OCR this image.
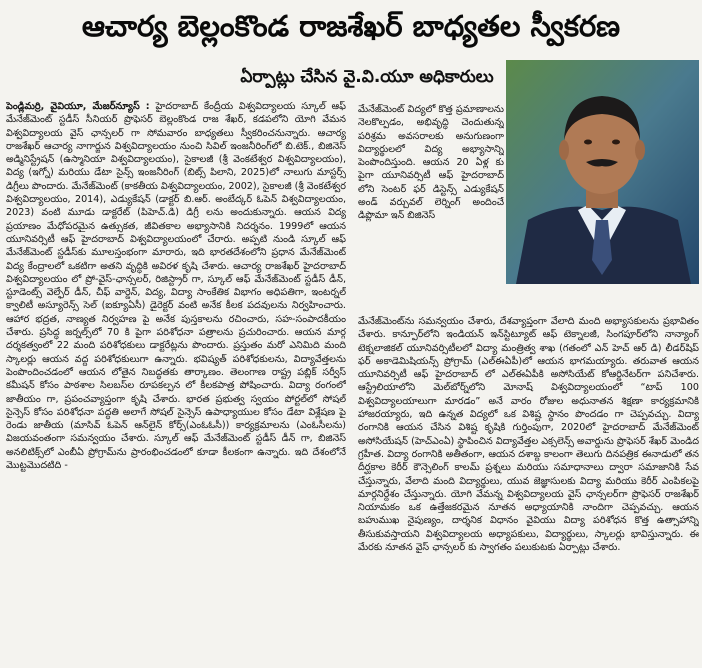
ఆచార్య బెల్లంకొండ రాజశేఖర్ బాధ్యతల స్వీకరణ
ఏర్పాట్లు చేసిన వై.వి.యూ అధికారులు

పెండ్లిమర్రి, వైవియూ, మేజర్‌న్యూస్ : హైదరాబాద్ కేంద్రీయ విశ్వవిద్యాలయ స్కూల్ ఆఫ్ మేనేజ్‌మెంట్ స్టడీస్ సీనియర్ ప్రొఫెసర్ బెల్లంకొండ రాజ శేఖర్, కడపలోని యోగి వేమన విశ్వవిద్యాలయ వైస్ ఛాన్సలర్ గా సోమవారం బాధ్యతలు స్వీకరించనున్నారు. ఆచార్య రాజశేఖర్ ఆచార్య నాగార్జున విశ్వవిద్యాలయం నుంచి సివిల్ ఇంజనీరింగ్‌లో బి.టెక్., బిజినెస్ అడ్మినిస్ట్రేషన్ (ఉస్మానియా విశ్వవిద్యాలయం), సైకాలజీ (శ్రీ వెంకటేశ్వర విశ్వవిద్యాలయం), విద్య (ఇగ్నో) మరియు డేటా సైన్స్ ఇంజనీరింగ్ (బిట్స్ పిలాని, 2025)లో నాలుగు మాస్టర్స్ డిగ్రీలు పొందారు. మేనేజ్‌మెంట్ (కాకతీయ విశ్వవిద్యాలయం, 2002), సైకాలజీ (శ్రీ వెంకటేశ్వర విశ్వవిద్యాలయం, 2014), ఎడ్యుకేషన్ (డాక్టర్ బి.ఆర్. అంబేద్కర్ ఓపెన్ విశ్వవిద్యాలయం, 2023) వంటి మూడు డాక్టరేట్ (పిహెచ్.డి) డిగ్రీ లను అందుకున్నారు. ఆయన విద్య ప్రయాణం మేధోపరమైన ఉత్సుకత, జీవితకాల అభ్యాసానికి నిదర్శనం. 1999లో ఆయన యూనివర్సిటీ ఆఫ్ హైదరాబాద్ విశ్వవిద్యాలయంలో చేరారు. అప్పటి నుండి స్కూల్ ఆఫ్ మేనేజ్‌మెంట్ స్టడీస్‌కు మూలస్తంభంగా మారారు, ఇది భారతదేశంలోని ప్రధాన మేనేజ్‌మెంట్ విద్య కేంద్రాలలో ఒకటిగా అతని వృద్ధికి అవిరళ కృషి చేశారు. ఆచార్య రాజశేఖర్ హైదరాబాద్ విశ్వవిద్యాలయం లో ప్రో-వైస్-ఛాన్సలర్, రిజిస్ట్రార్ గా, స్కూల్ ఆఫ్ మేనేజ్‌మెంట్ స్టడీస్ డీన్, స్టూడెంట్స్ వెల్ఫేర్ డీన్, చీఫ్ వార్డెన్, విద్య, విద్యా సాంకేతిక విభాగం అధిపతిగా, ఇంటర్నల్ క్వాలిటీ అస్యూరెన్స్ సెల్ (ఐక్యూఏసీ) డైరెక్టర్ వంటి అనేక కీలక పదవులను నిర్వహించారు. ఆహార భద్రత, నాణ్యత నిర్వహణ పై అనేక పుస్తకాలను రచించారు, సహ-సంపాదకీయం చేశారు. ప్రసిద్ధ జర్నల్స్‌లో 70 కి పైగా పరిశోధనా పత్రాలను ప్రచురించారు. ఆయన మార్గ దర్శకత్వంలో 22 మంది పరిశోధకులు డాక్టరేట్లను పొందారు. ప్రస్తుతం మరో ఎనిమిది మంది స్కాలర్లు ఆయన వద్ద పరిశోధకులుగా ఉన్నారు. భవిష్యత్ పరిశోధకులను, విద్యావేత్తలను పెంపొందించడంలో ఆయన లోతైన నిబద్ధతకు తార్కాణం. తెలంగాణ రాష్ట్ర పబ్లిక్ సర్వీస్ కమీషన్ కోసం పాఠశాల సిలబస్‌ల రూపకల్పన లో కీలకపాత్ర పోషించారు. విద్యా రంగంలో జాతీయం గా, ప్రపంచవ్యాప్తంగా కృషి చేశారు. భారత ప్రభుత్వ స్వయం పోర్టల్‌లో సోషల్ సైన్సెస్ కోసం పరిశోధనా పద్ధతి అలాగే సోషల్ సైన్సెస్ ఉపాధ్యాయుల కోసం డేటా విశ్లేషణ పై రెండు జాతీయ (మాసివ్ ఓపెన్ ఆన్‌లైన్ కోర్స్(ఎంఓఓసీ)) కార్యక్రమాలను (ఎంఓసీలను) విజయవంతంగా సమన్వయం చేశారు. స్కూల్ ఆఫ్ మేనేజ్‌మెంట్ స్టడీస్ డీన్ గా, బిజినెస్ అనలిటిక్స్‌లో ఎంబీఏ ప్రోగ్రామ్‌ను ప్రారంభించడంలో కూడా కీలకంగా ఉన్నారు. ఇది దేశంలోనే మొట్టమొదటిది -

మేనేజ్‌మెంట్ విద్యలో కొత్త ప్రమాణాలను నెలకొల్పడం, అభివృద్ధి చెందుతున్న పరిశ్రమ అవసరాలకు అనుగుణంగా విద్యార్థులలో విద్య అభ్యాసాన్ని పెంపొందిస్తుంది. ఆయన 20 ఏళ్ల కు పైగా యూనివర్సిటీ ఆఫ్ హైదరాబాద్ లోని సెంటర్ ఫర్ డిస్టెన్స్ ఎడ్యుకేషన్ అండ్ వర్చువల్ లెర్నింగ్ అందించే డిప్లొమా ఇన్ బిజినెస్

మేనేజ్‌మెంట్‌ను సమన్వయం చేశారు, దేశవ్యాప్తంగా వేలాది మంది అభ్యాసకులను ప్రభావితం చేశారు. కాన్పూర్‌లోని ఇండియన్ ఇన్‌స్టిట్యూట్ ఆఫ్ టెక్నాలజీ, సింగపూర్‌లోని నాన్యాంగ్ టెక్నలాజికల్ యూనివర్సిటీలలో విద్యా మంత్రిత్వ శాఖ (గతంలో ఎన్ హెచ్ ఆర్ డి) లీడర్‌షిప్ ఫర్ అకాడెమిషియన్స్ ప్రోగ్రామ్ (ఎల్‌ఈఏపీ)లో ఆయన భాగమయ్యారు. తరువాత ఆయన యూనివర్సిటీ ఆఫ్ హైదరాబాద్ లో ఎల్‌ఈఏపీకి అసోసియేట్ కోఆర్డినేటర్‌గా పనిచేశారు. ఆస్ట్రేలియాలోని మెల్‌బోర్న్‌లోని మోనాష్ విశ్వవిద్యాలయంలో “టాప్ 100 విశ్వవిద్యాలయాలుగా మారడం” అనే వారం రోజుల అధునాతన శిక్షణా కార్యక్రమానికి హాజరయ్యారు, ఇది ఉన్నత విద్యలో ఒక విశిష్ట స్థానం పొందడం గా చెప్పవచ్చు. విద్యా రంగానికి ఆయన చేసిన విశిష్ట కృషికి గుర్తింపుగా, 2020లో హైదరాబాద్ మేనేజ్‌మెంట్ అసోసియేషన్ (హెచ్‌ఎంఏ) స్థాపించిన విద్యావేత్తల ఎక్సలెన్స్ అవార్డును ప్రొఫెసర్ శేఖర్ మెండిద గ్రహీత. విద్యా రంగానికి అతీతంగా, ఆయన దశాబ్ద కాలంగా తెలుగు దినపత్రిక ఈనాడులో తన దీర్ఘకాల కెరీర్ కౌన్సెలింగ్ కాలమ్ ప్రశ్నలు మరియు సమాధానాలు ద్వారా సమాజానికి సేవ చేస్తున్నారు, వేలాది మంది విద్యార్థులు, యువ జెజ్ఞాసులకు విద్యా మరియు కెరీర్ ఎంపికలపై మార్గనిర్దేశం చేస్తున్నారు. యోగి వేమన్న విశ్వవిద్యాలయ వైస్ ఛాన్సలర్‌గా ప్రొఫెసర్ రాజశేఖర్ నియామకం ఒక ఉత్తేజకరమైన నూతన అధ్యాయానికి నాందిగా చెప్పవచ్చు. ఆయన బహుముఖ నైపుణ్యం, దార్శనిక విధానం వైవియు విద్యా పరిశోధన కొత్త ఉత్సాహాన్ని తీసుకువస్తాయని విశ్వవిద్యాలయ అధ్యాపకులు, విద్యార్థులు, స్కాలర్లు భావిస్తున్నారు. ఈ మేరకు నూతన వైస్ ఛాన్సలర్ కు స్వాగతం పలుకుటకు ఏర్పాట్లు చేశారు.
